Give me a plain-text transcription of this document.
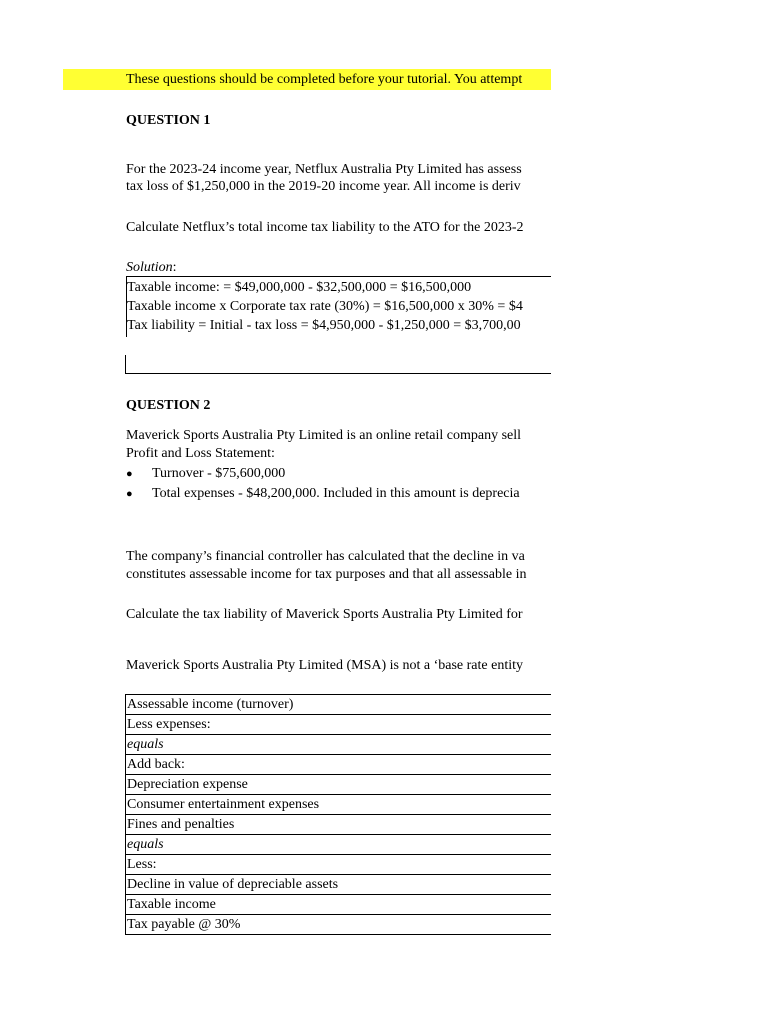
These questions should be completed before your tutorial. You attempt
QUESTION 1
For the 2023-24 income year, Netflux Australia Pty Limited has assess
tax loss of $1,250,000 in the 2019-20 income year. All income is deriv
Calculate Netflux’s total income tax liability to the ATO for the 2023-2
Solution:
Taxable income: = $49,000,000 - $32,500,000 = $16,500,000
Taxable income x Corporate tax rate (30%) = $16,500,000 x 30% = $4
Tax liability = Initial - tax loss = $4,950,000 - $1,250,000 = $3,700,00
QUESTION 2
Maverick Sports Australia Pty Limited is an online retail company sell
Profit and Loss Statement:
● Turnover - $75,600,000
● Total expenses - $48,200,000. Included in this amount is deprecia
The company’s financial controller has calculated that the decline in va
constitutes assessable income for tax purposes and that all assessable in
Calculate the tax liability of Maverick Sports Australia Pty Limited for
Maverick Sports Australia Pty Limited (MSA) is not a ‘base rate entity
Assessable income (turnover)
Less expenses:
equals
Add back:
Depreciation expense
Consumer entertainment expenses
Fines and penalties
equals
Less:
Decline in value of depreciable assets
Taxable income
Tax payable @ 30%
